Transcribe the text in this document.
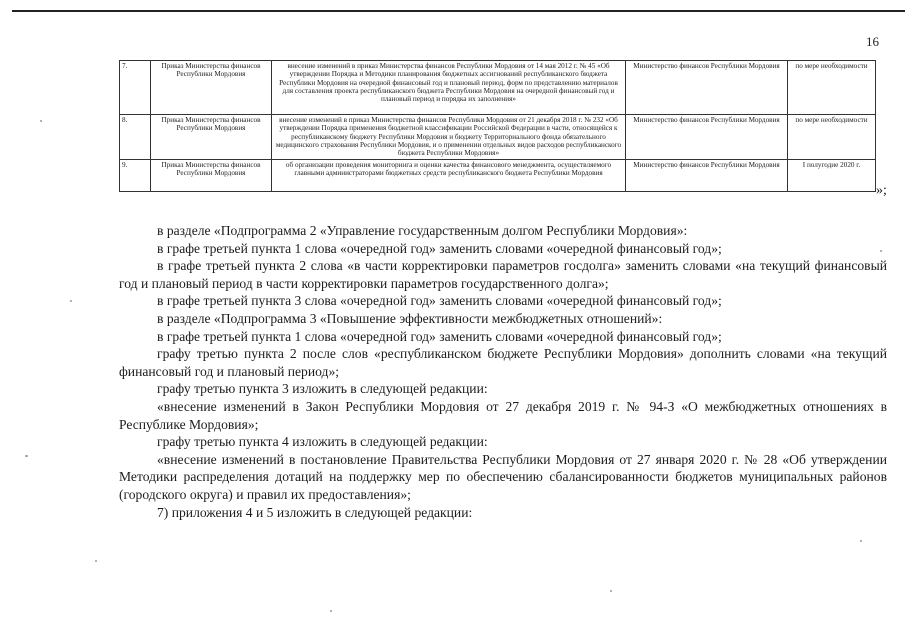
16
7.	Приказ Министерства финансов Республики Мордовия	внесение изменений в приказ Министерства финансов Республики Мордовия от 14 мая 2012 г. № 45 «Об утверждении Порядка и Методики планирования бюджетных ассигнований республиканского бюджета Республики Мордовия на очередной финансовый год и плановый период, форм по представлению материалов для составления проекта республиканского бюджета Республики Мордовия на очередной финансовый год и плановый период и порядка их заполнения»	Министерство финансов Республики Мордовия	по мере необходимости
8.	Приказ Министерства финансов Республики Мордовия	внесение изменений в приказ Министерства финансов Республики Мордовия от 21 декабря 2018 г. № 232 «Об утверждении Порядка применения бюджетной классификации Российской Федерации в части, относящейся к республиканскому бюджету Республики Мордовия и бюджету Территориального фонда обязательного медицинского страхования Республики Мордовия, и о применении отдельных видов расходов республиканского бюджета Республики Мордовия»	Министерство финансов Республики Мордовия	по мере необходимости
9.	Приказ Министерства финансов Республики Мордовия	об организации проведения мониторинга и оценки качества финансового менеджмента, осуществляемого главными администраторами бюджетных средств республиканского бюджета Республики Мордовия	Министерство финансов Республики Мордовия	I полугодие 2020 г.
»;

в разделе «Подпрограмма 2 «Управление государственным долгом Республики Мордовия»:

в графе третьей пункта 1 слова «очередной год» заменить словами «очередной финансовый год»;

в графе третьей пункта 2 слова «в части корректировки параметров госдолга» заменить словами «на текущий финансовый год и плановый период в части корректировки параметров государственного долга»;

в графе третьей пункта 3 слова «очередной год» заменить словами «очередной финансовый год»;

в разделе «Подпрограмма 3 «Повышение эффективности межбюджетных отношений»:

в графе третьей пункта 1 слова «очередной год» заменить словами «очередной финансовый год»;

графу третью пункта 2 после слов «республиканском бюджете Республики Мордовия» дополнить словами «на текущий финансовый год и плановый период»;

графу третью пункта 3 изложить в следующей редакции:

«внесение изменений в Закон Республики Мордовия от 27 декабря 2019 г. № 94-З «О межбюджетных отношениях в Республике Мордовия»;

графу третью пункта 4 изложить в следующей редакции:

«внесение изменений в постановление Правительства Республики Мордовия от 27 января 2020 г. № 28 «Об утверждении Методики распределения дотаций на поддержку мер по обеспечению сбалансированности бюджетов муниципальных районов (городского округа) и правил их предоставления»;

7) приложения 4 и 5 изложить в следующей редакции:
